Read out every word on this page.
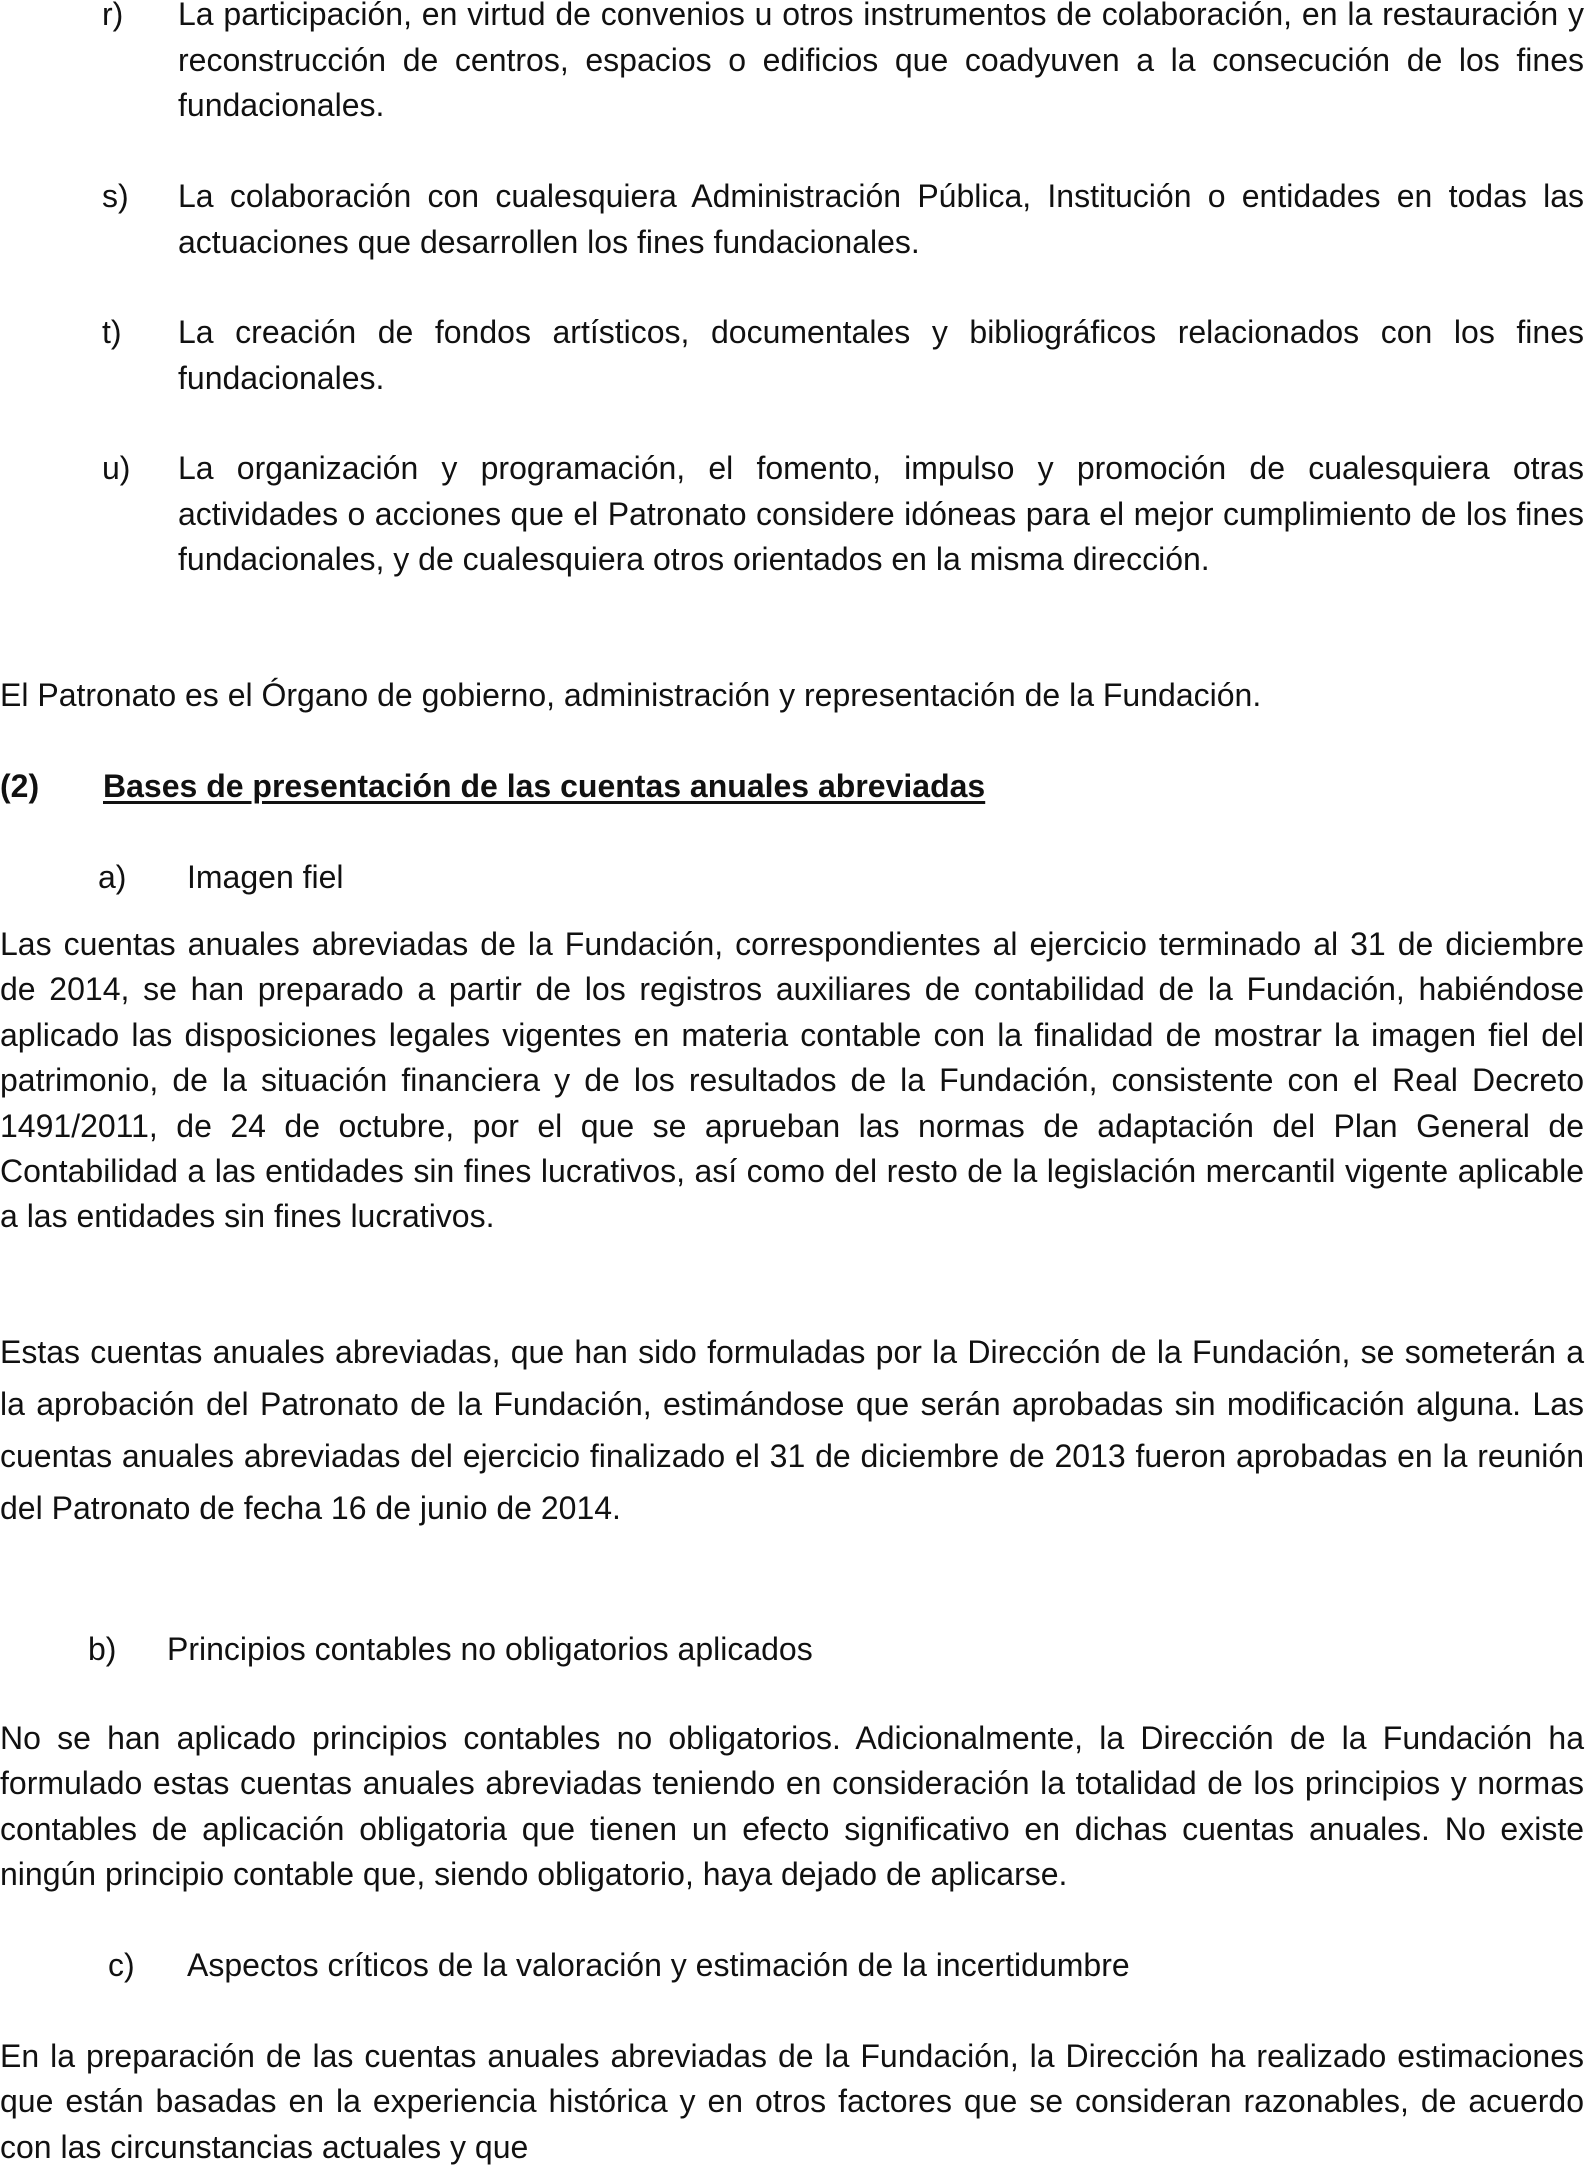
r) La participación, en virtud de convenios u otros instrumentos de colaboración, en la restauración y reconstrucción de centros, espacios o edificios que coadyuven a la consecución de los fines fundacionales.
s) La colaboración con cualesquiera Administración Pública, Institución o entidades en todas las actuaciones que desarrollen los fines fundacionales.
t) La creación de fondos artísticos, documentales y bibliográficos relacionados con los fines fundacionales.
u) La organización y programación, el fomento, impulso y promoción de cualesquiera otras actividades o acciones que el Patronato considere idóneas para el mejor cumplimiento de los fines fundacionales, y de cualesquiera otros orientados en la misma dirección.

El Patronato es el Órgano de gobierno, administración y representación de la Fundación.

(2) Bases de presentación de las cuentas anuales abreviadas
a) Imagen fiel

Las cuentas anuales abreviadas de la Fundación, correspondientes al ejercicio terminado al 31 de diciembre de 2014, se han preparado a partir de los registros auxiliares de contabilidad de la Fundación, habiéndose aplicado las disposiciones legales vigentes en materia contable con la finalidad de mostrar la imagen fiel del patrimonio, de la situación financiera y de los resultados de la Fundación, consistente con el Real Decreto 1491/2011, de 24 de octubre, por el que se aprueban las normas de adaptación del Plan General de Contabilidad a las entidades sin fines lucrativos, así como del resto de la legislación mercantil vigente aplicable a las entidades sin fines lucrativos.

Estas cuentas anuales abreviadas, que han sido formuladas por la Dirección de la Fundación, se someterán a la aprobación del Patronato de la Fundación, estimándose que serán aprobadas sin modificación alguna. Las cuentas anuales abreviadas del ejercicio finalizado el 31 de diciembre de 2013 fueron aprobadas en la reunión del Patronato de fecha 16 de junio de 2014.

b) Principios contables no obligatorios aplicados

No se han aplicado principios contables no obligatorios. Adicionalmente, la Dirección de la Fundación ha formulado estas cuentas anuales abreviadas teniendo en consideración la totalidad de los principios y normas contables de aplicación obligatoria que tienen un efecto significativo en dichas cuentas anuales. No existe ningún principio contable que, siendo obligatorio, haya dejado de aplicarse.

c) Aspectos críticos de la valoración y estimación de la incertidumbre

En la preparación de las cuentas anuales abreviadas de la Fundación, la Dirección ha realizado estimaciones que están basadas en la experiencia histórica y en otros factores que se consideran razonables, de acuerdo con las circunstancias actuales y que
